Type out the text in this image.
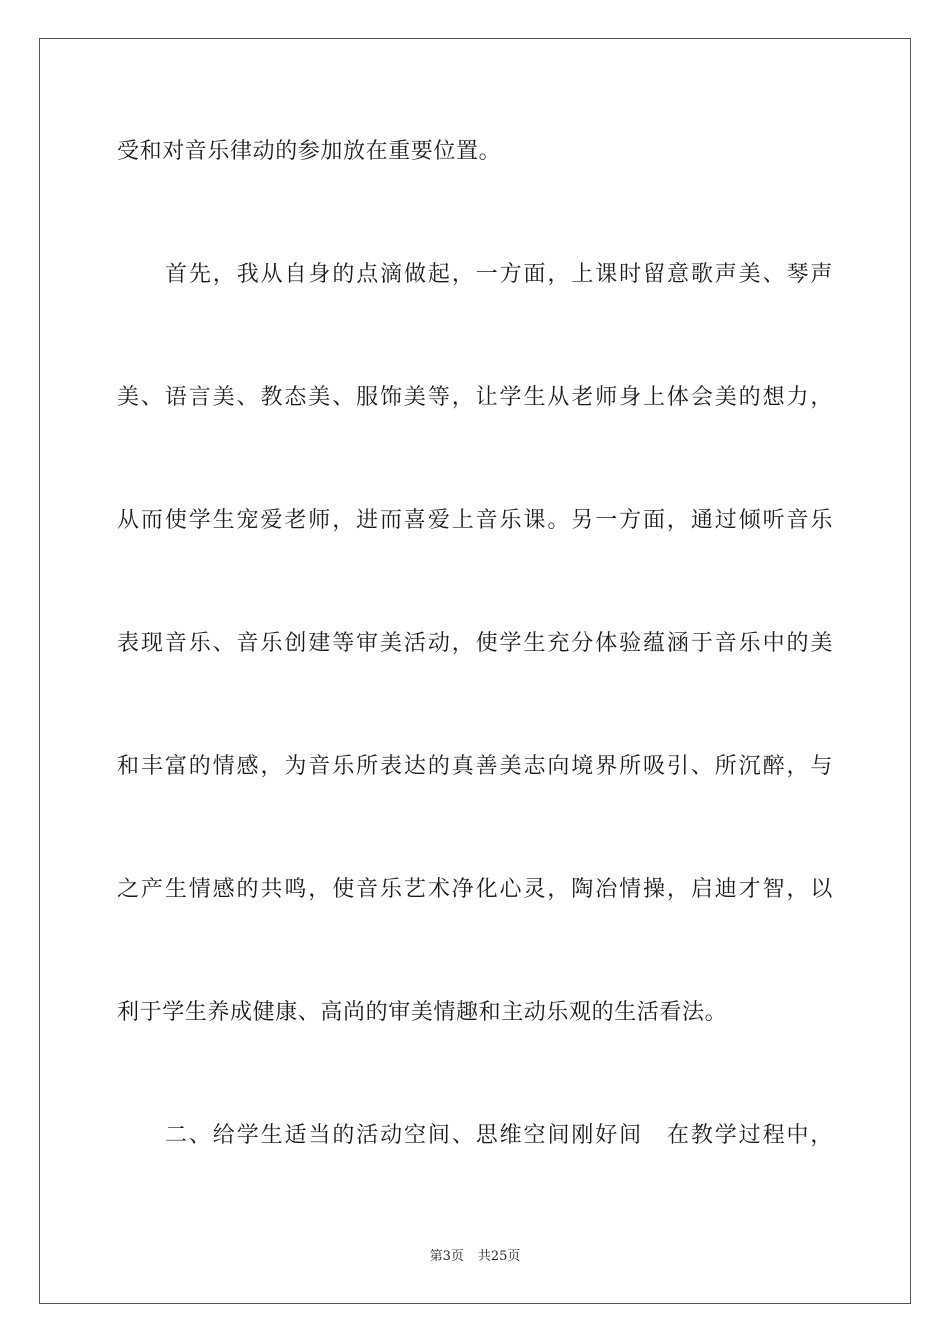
受和对音乐律动的参加放在重要位置。
首先，我从自身的点滴做起，一方面，上课时留意歌声美、琴声
美、语言美、教态美、服饰美等，让学生从老师身上体会美的想力，
从而使学生宠爱老师，进而喜爱上音乐课。另一方面，通过倾听音乐
表现音乐、音乐创建等审美活动，使学生充分体验蕴涵于音乐中的美
和丰富的情感，为音乐所表达的真善美志向境界所吸引、所沉醉，与
之产生情感的共鸣，使音乐艺术净化心灵，陶冶情操，启迪才智，以
利于学生养成健康、高尚的审美情趣和主动乐观的生活看法。
二、给学生适当的活动空间、思维空间刚好间　在教学过程中，
第3页 共25页
